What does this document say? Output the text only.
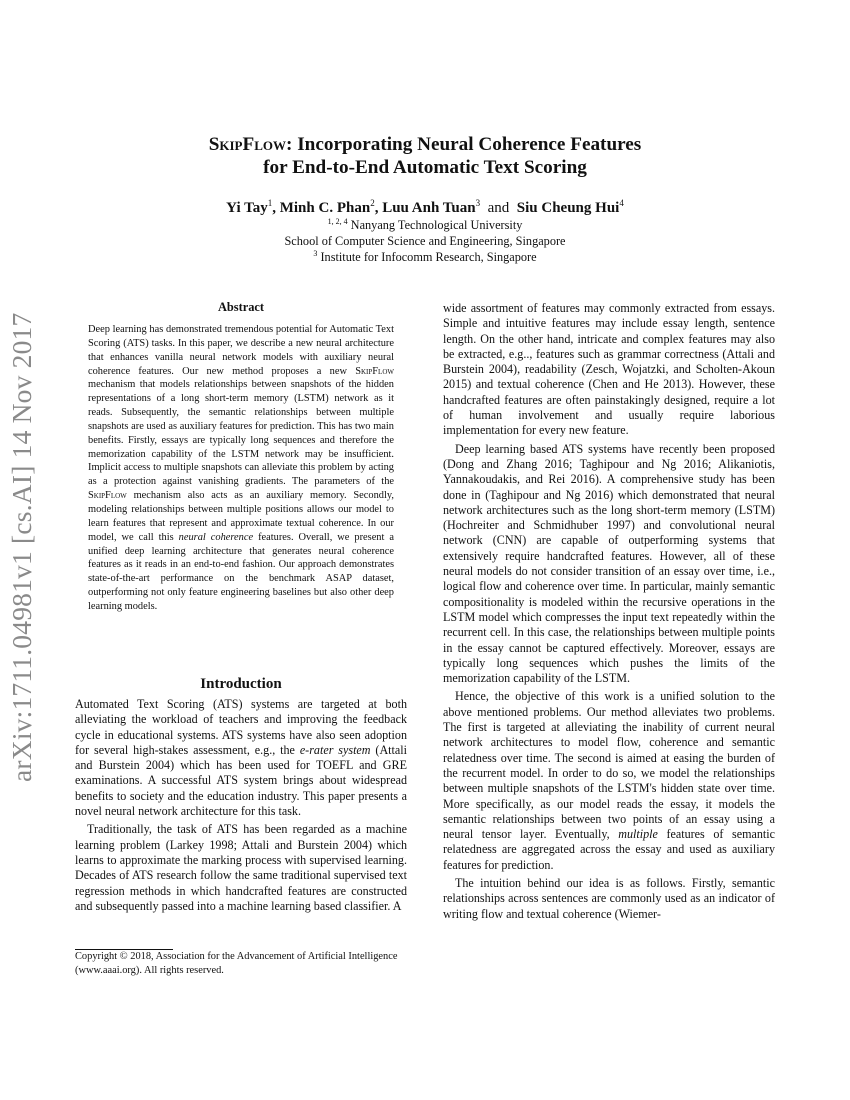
arXiv:1711.04981v1 [cs.AI] 14 Nov 2017
SkipFlow: Incorporating Neural Coherence Features
for End-to-End Automatic Text Scoring
Yi Tay$^1$, Minh C. Phan$^2$, Luu Anh Tuan$^3$ and Siu Cheung Hui$^4$
$^{1, 2, 4}$ Nanyang Technological University
School of Computer Science and Engineering, Singapore
$^3$ Institute for Infocomm Research, Singapore
Abstract
Deep learning has demonstrated tremendous potential for Automatic Text Scoring (ATS) tasks. In this paper, we describe a new neural architecture that enhances vanilla neural network models with auxiliary neural coherence features. Our new method proposes a new SkipFlow mechanism that models relationships between snapshots of the hidden representations of a long short-term memory (LSTM) network as it reads. Subsequently, the semantic relationships between multiple snapshots are used as auxiliary features for prediction. This has two main benefits. Firstly, essays are typically long sequences and therefore the memorization capability of the LSTM network may be insufficient. Implicit access to multiple snapshots can alleviate this problem by acting as a protection against vanishing gradients. The parameters of the SkipFlow mechanism also acts as an auxiliary memory. Secondly, modeling relationships between multiple positions allows our model to learn features that represent and approximate textual coherence. In our model, we call this neural coherence features. Overall, we present a unified deep learning architecture that generates neural coherence features as it reads in an end-to-end fashion. Our approach demonstrates state-of-the-art performance on the benchmark ASAP dataset, outperforming not only feature engineering baselines but also other deep learning models.
Introduction

Automated Text Scoring (ATS) systems are targeted at both alleviating the workload of teachers and improving the feedback cycle in educational systems. ATS systems have also seen adoption for several high-stakes assessment, e.g., the e-rater system (Attali and Burstein 2004) which has been used for TOEFL and GRE examinations. A successful ATS system brings about widespread benefits to society and the education industry. This paper presents a novel neural network architecture for this task.

Traditionally, the task of ATS has been regarded as a machine learning problem (Larkey 1998; Attali and Burstein 2004) which learns to approximate the marking process with supervised learning. Decades of ATS research follow the same traditional supervised text regression methods in which handcrafted features are constructed and subsequently passed into a machine learning based classifier. A

Copyright © 2018, Association for the Advancement of Artificial Intelligence (www.aaai.org). All rights reserved.

wide assortment of features may commonly extracted from essays. Simple and intuitive features may include essay length, sentence length. On the other hand, intricate and complex features may also be extracted, e.g.., features such as grammar correctness (Attali and Burstein 2004), readability (Zesch, Wojatzki, and Scholten-Akoun 2015) and textual coherence (Chen and He 2013). However, these handcrafted features are often painstakingly designed, require a lot of human involvement and usually require laborious implementation for every new feature.

Deep learning based ATS systems have recently been proposed (Dong and Zhang 2016; Taghipour and Ng 2016; Alikaniotis, Yannakoudakis, and Rei 2016). A comprehensive study has been done in (Taghipour and Ng 2016) which demonstrated that neural network architectures such as the long short-term memory (LSTM) (Hochreiter and Schmidhuber 1997) and convolutional neural network (CNN) are capable of outperforming systems that extensively require handcrafted features. However, all of these neural models do not consider transition of an essay over time, i.e., logical flow and coherence over time. In particular, mainly semantic compositionality is modeled within the recursive operations in the LSTM model which compresses the input text repeatedly within the recurrent cell. In this case, the relationships between multiple points in the essay cannot be captured effectively. Moreover, essays are typically long sequences which pushes the limits of the memorization capability of the LSTM.

Hence, the objective of this work is a unified solution to the above mentioned problems. Our method alleviates two problems. The first is targeted at alleviating the inability of current neural network architectures to model flow, coherence and semantic relatedness over time. The second is aimed at easing the burden of the recurrent model. In order to do so, we model the relationships between multiple snapshots of the LSTM's hidden state over time. More specifically, as our model reads the essay, it models the semantic relationships between two points of an essay using a neural tensor layer. Eventually, multiple features of semantic relatedness are aggregated across the essay and used as auxiliary features for prediction.

The intuition behind our idea is as follows. Firstly, semantic relationships across sentences are commonly used as an indicator of writing flow and textual coherence (Wiemer-
